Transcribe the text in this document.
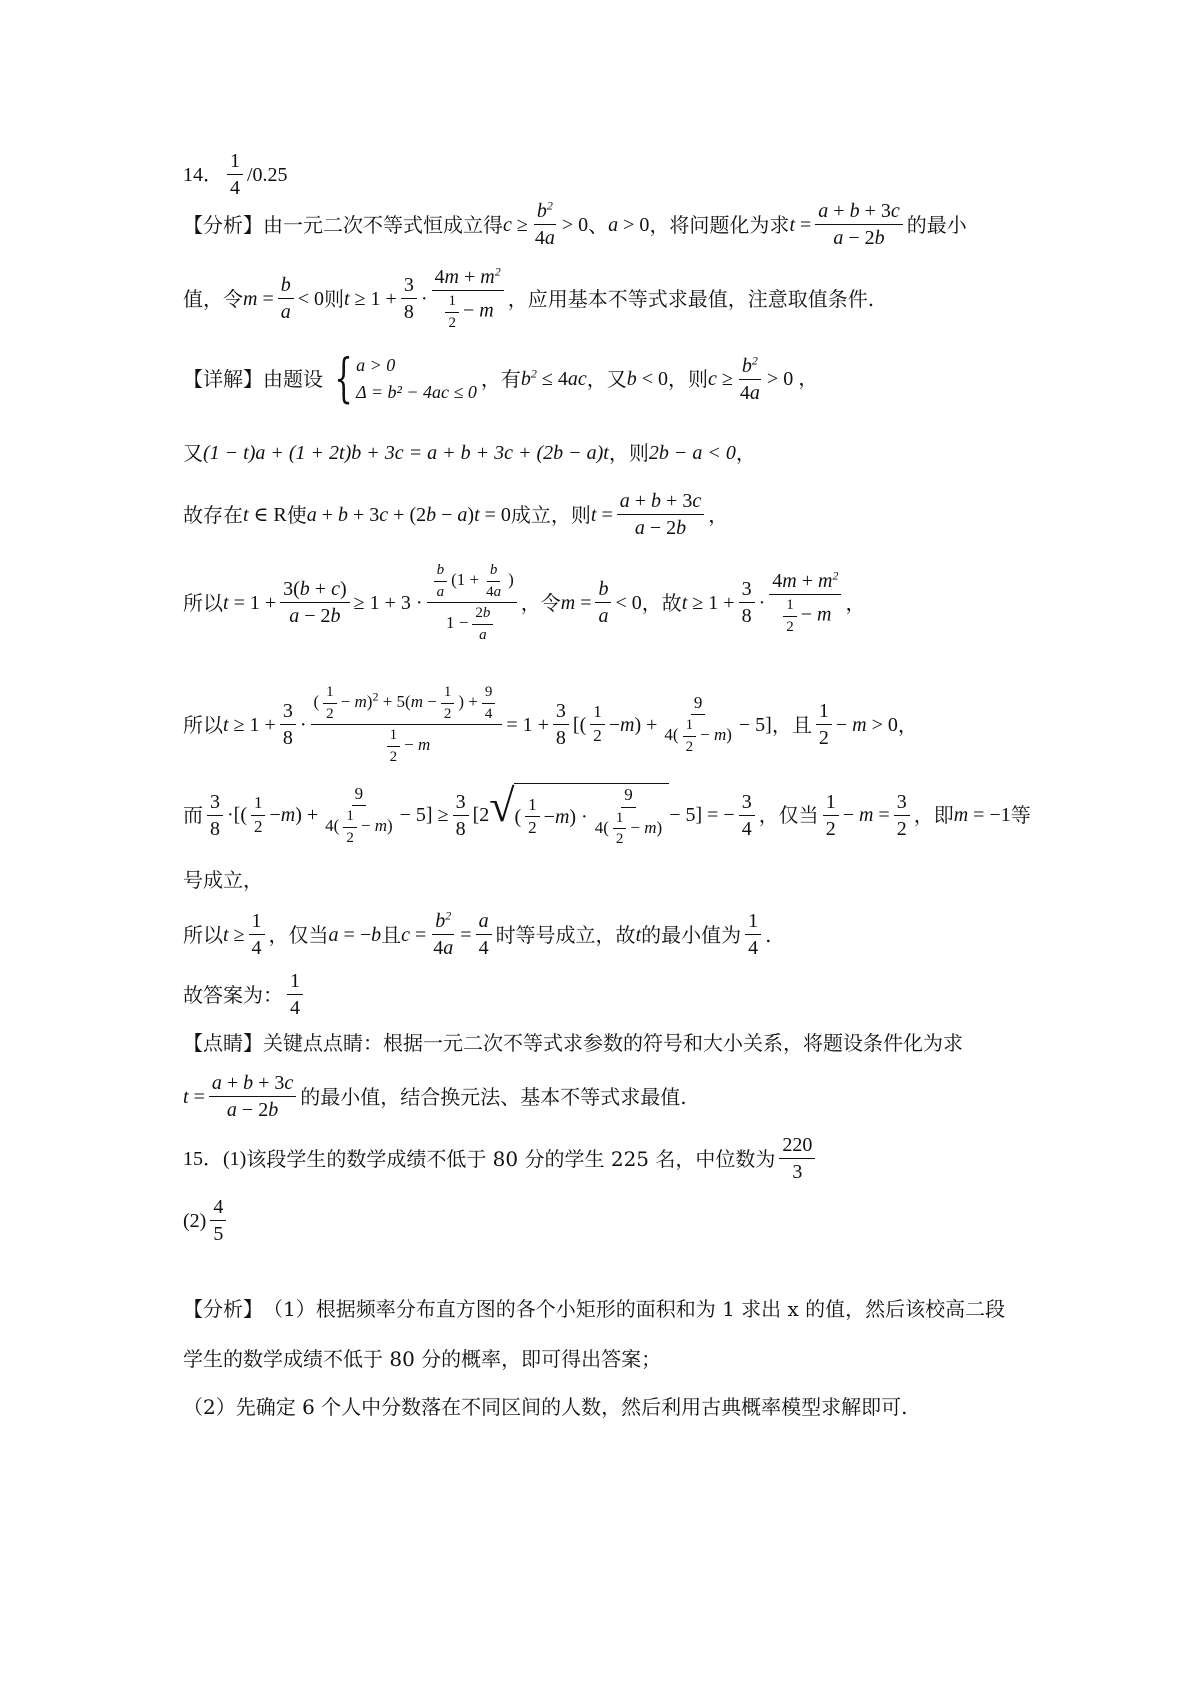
14． $\frac{1}{4} /0.25$
【分析】 由一元二次不等式恒成立得 $c \ge \frac{b^2}{4a} > 0$ 、 a > 0 ，将问题化为求 $t = \frac{a + b + 3c}{a - 2b}$ 的最小
值，令 $m = \frac{b}{a} < 0$ 则 $t \ge 1 + \frac{3}{8} \cdot \frac{4m + m^2}{\frac{1}{2} - m}$ ，应用基本不等式求最值，注意取值条件.
【详解】 由题设 { a > 0
Δ = b² − 4ac ≤ 0
，有 $b^2 \le 4$ ac ，又 b < 0 ，则 $c \ge \frac{b^2}{4a} > 0$ ，
又 (1 − t)a + (1 + 2t)b + 3c = a + b + 3c + (2b − a)t ，则 2b − a < 0 ，
故存在 t ∈ R 使 a + b + 3 c + (2 b − a ) t = 0 成立，则 $t = \frac{a + b + 3c}{a - 2b}$ ，
所以 $t = 1 + \frac{3(b + c)}{a - 2b} \ge 1 + 3 \cdot \frac{\frac{b}{a} (1 + \frac{b}{4a} )}{1 - \frac{2b}{a}}$ ，令 $m = \frac{b}{a} < 0$ ，故 $t \ge 1 + \frac{3}{8} \cdot \frac{4m + m^2}{\frac{1}{2} - m}$ ，
所以 $t \ge 1 + \frac{3}{8} \cdot \frac{( \frac{1}{2} - m)^2 + 5(m - \frac{1}{2} ) + \frac{9}{4}}{\frac{1}{2} - m} = 1 + \frac{3}{8}$ [( $\frac{1}{2} - m$ ) + $\frac{9}{4( \frac{1}{2} - m)} - 5$] ，且 $\frac{1}{2} - m > 0$ ，
而 $\frac{3}{8}$ ·[( $\frac{1}{2} - m$ ) + $\frac{9}{4( \frac{1}{2} - m)} - 5] \ge \frac{3}{8} [2$ √ ( $\frac{1}{2} - m$ ) · $\frac{9}{4( \frac{1}{2} - m)} - 5$] = − $\frac{3}{4}$ ，仅当 $\frac{1}{2} - m = \frac{3}{2}$ ，即 m = −1 等
号成立，
所以 $t \ge \frac{1}{4}$ ，仅当 a = − b 且 $c = \frac{b^2}{4a} = \frac{a}{4}$ 时等号成立，故 t 的最小值为 $\frac{1}{4}$ .
故答案为： $\frac{1}{4}$
【点睛】 关键点点睛：根据一元二次不等式求参数的符号和大小关系，将题设条件化为求
$t = \frac{a + b + 3c}{a - 2b}$ 的最小值，结合换元法、基本不等式求最值.
15． (1) 该段学生的数学成绩不低于 80 分的学生 225 名，中位数为 $\frac{220}{3}$
$(2) \frac{4}{5}$
【分析】 （1）根据频率分布直方图的各个小矩形的面积和为 1 求出 x 的值，然后该校高二段
学生的数学成绩不低于 80 分的概率，即可得出答案；
（2）先确定 6 个人中分数落在不同区间的人数，然后利用古典概率模型求解即可.
